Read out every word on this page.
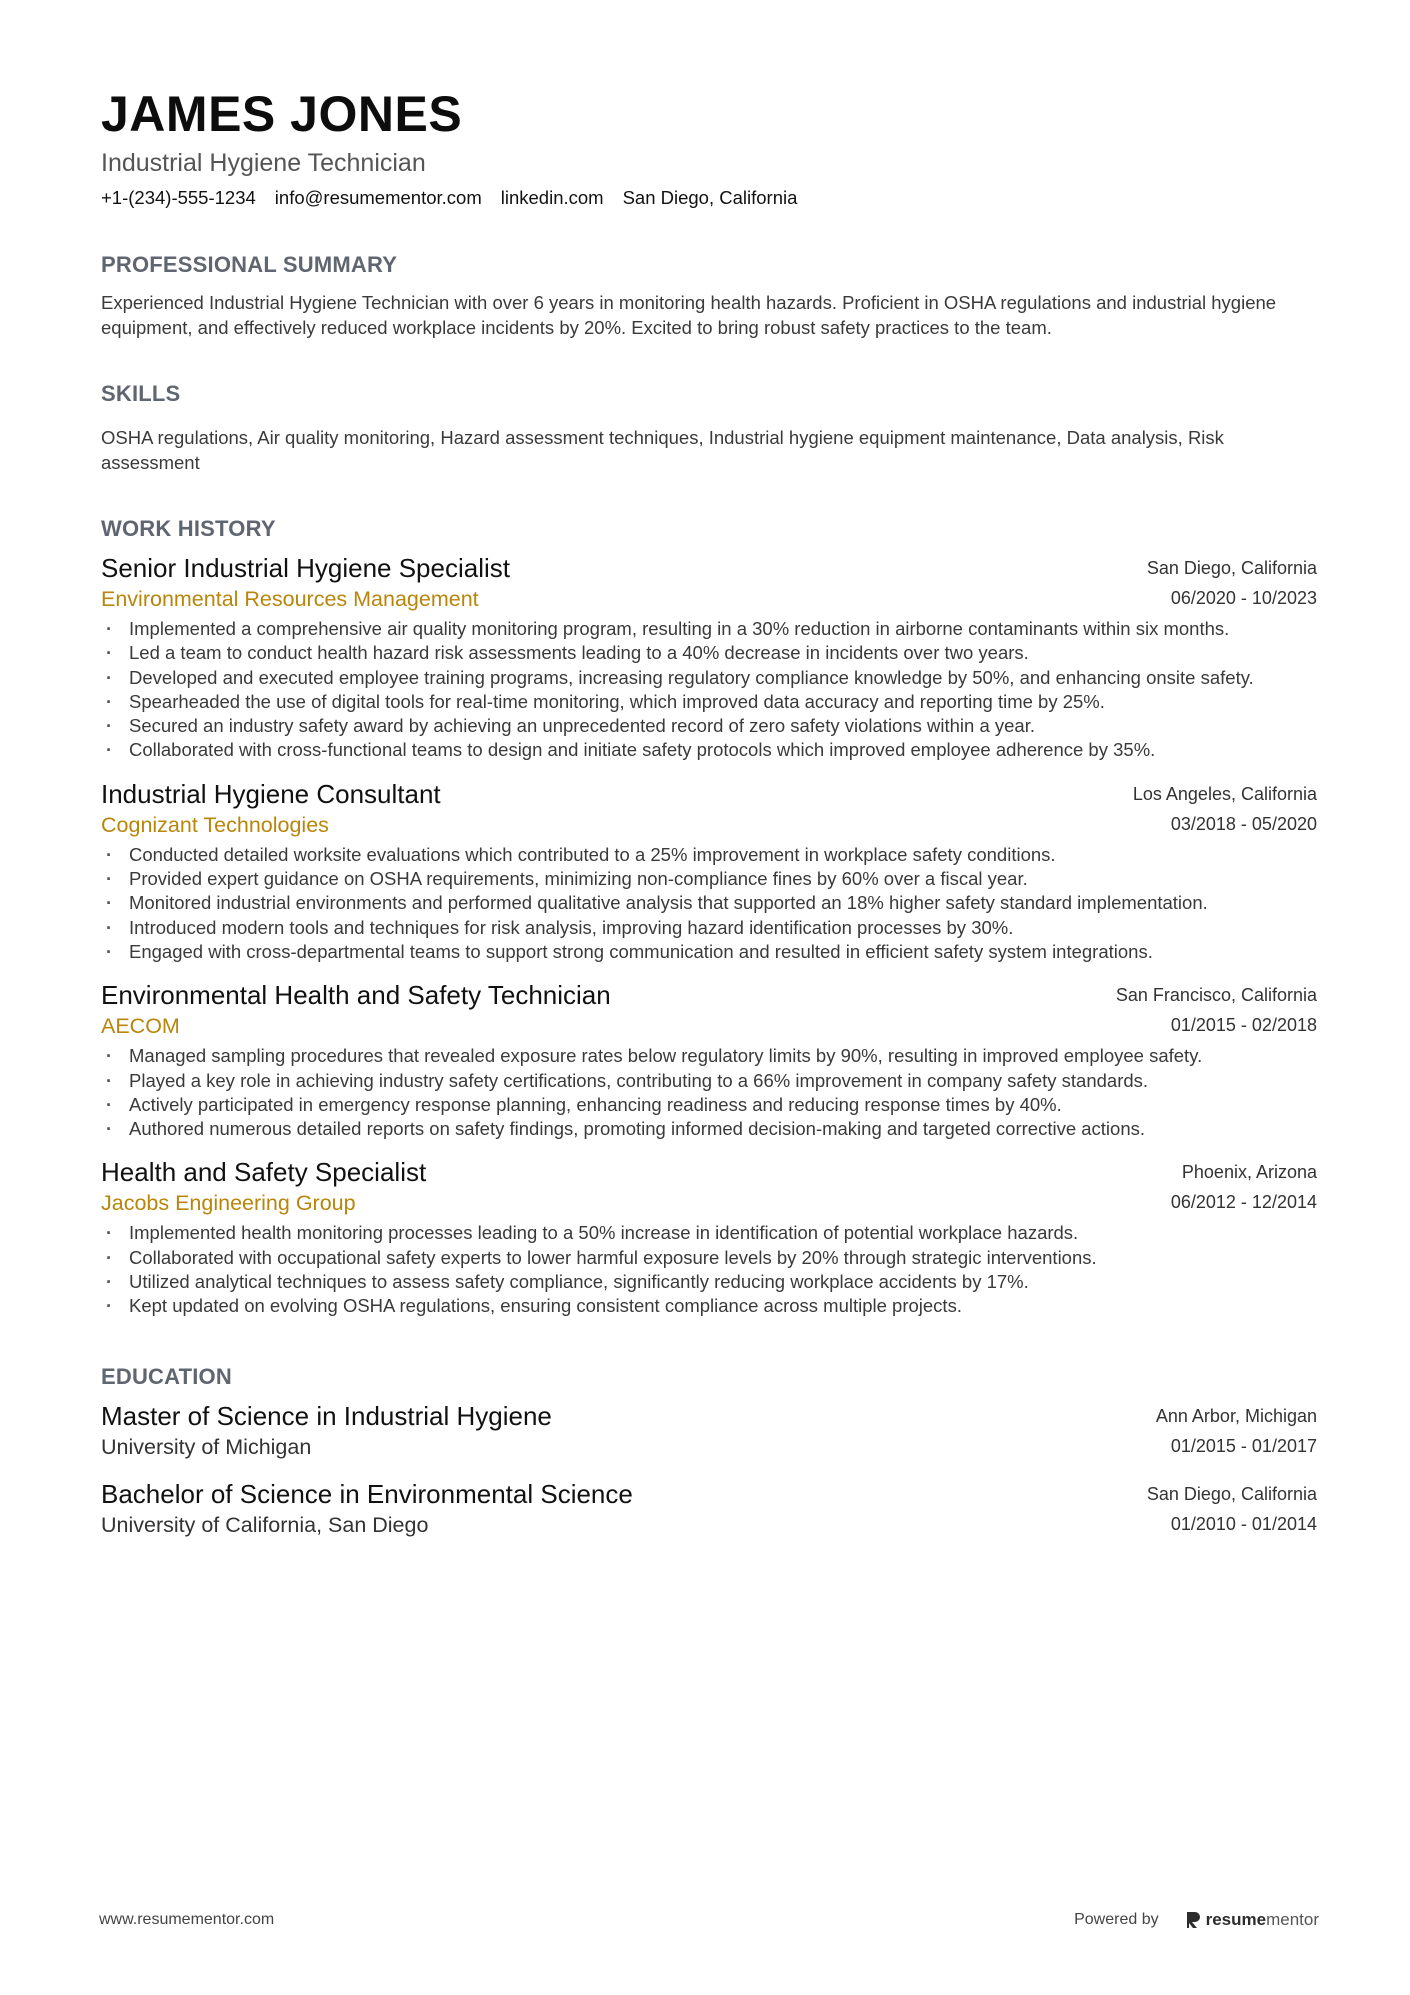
JAMES JONES
Industrial Hygiene Technician
+1-(234)-555-1234 info@resumementor.com linkedin.com San Diego, California
PROFESSIONAL SUMMARY
Experienced Industrial Hygiene Technician with over 6 years in monitoring health hazards. Proficient in OSHA regulations and industrial hygiene equipment, and effectively reduced workplace incidents by 20%. Excited to bring robust safety practices to the team.
SKILLS
OSHA regulations, Air quality monitoring, Hazard assessment techniques, Industrial hygiene equipment maintenance, Data analysis, Risk assessment
WORK HISTORY
Senior Industrial Hygiene Specialist
Environmental Resources Management
San Diego, California
06/2020 - 10/2023
· Implemented a comprehensive air quality monitoring program, resulting in a 30% reduction in airborne contaminants within six months.
· Led a team to conduct health hazard risk assessments leading to a 40% decrease in incidents over two years.
· Developed and executed employee training programs, increasing regulatory compliance knowledge by 50%, and enhancing onsite safety.
· Spearheaded the use of digital tools for real-time monitoring, which improved data accuracy and reporting time by 25%.
· Secured an industry safety award by achieving an unprecedented record of zero safety violations within a year.
· Collaborated with cross-functional teams to design and initiate safety protocols which improved employee adherence by 35%.
Industrial Hygiene Consultant
Cognizant Technologies
Los Angeles, California
03/2018 - 05/2020
· Conducted detailed worksite evaluations which contributed to a 25% improvement in workplace safety conditions.
· Provided expert guidance on OSHA requirements, minimizing non-compliance fines by 60% over a fiscal year.
· Monitored industrial environments and performed qualitative analysis that supported an 18% higher safety standard implementation.
· Introduced modern tools and techniques for risk analysis, improving hazard identification processes by 30%.
· Engaged with cross-departmental teams to support strong communication and resulted in efficient safety system integrations.
Environmental Health and Safety Technician
AECOM
San Francisco, California
01/2015 - 02/2018
· Managed sampling procedures that revealed exposure rates below regulatory limits by 90%, resulting in improved employee safety.
· Played a key role in achieving industry safety certifications, contributing to a 66% improvement in company safety standards.
· Actively participated in emergency response planning, enhancing readiness and reducing response times by 40%.
· Authored numerous detailed reports on safety findings, promoting informed decision-making and targeted corrective actions.
Health and Safety Specialist
Jacobs Engineering Group
Phoenix, Arizona
06/2012 - 12/2014
· Implemented health monitoring processes leading to a 50% increase in identification of potential workplace hazards.
· Collaborated with occupational safety experts to lower harmful exposure levels by 20% through strategic interventions.
· Utilized analytical techniques to assess safety compliance, significantly reducing workplace accidents by 17%.
· Kept updated on evolving OSHA regulations, ensuring consistent compliance across multiple projects.
EDUCATION
Master of Science in Industrial Hygiene
University of Michigan
Ann Arbor, Michigan
01/2015 - 01/2017
Bachelor of Science in Environmental Science
University of California, San Diego
San Diego, California
01/2010 - 01/2014
www.resumementor.com	Powered by	resumementor
